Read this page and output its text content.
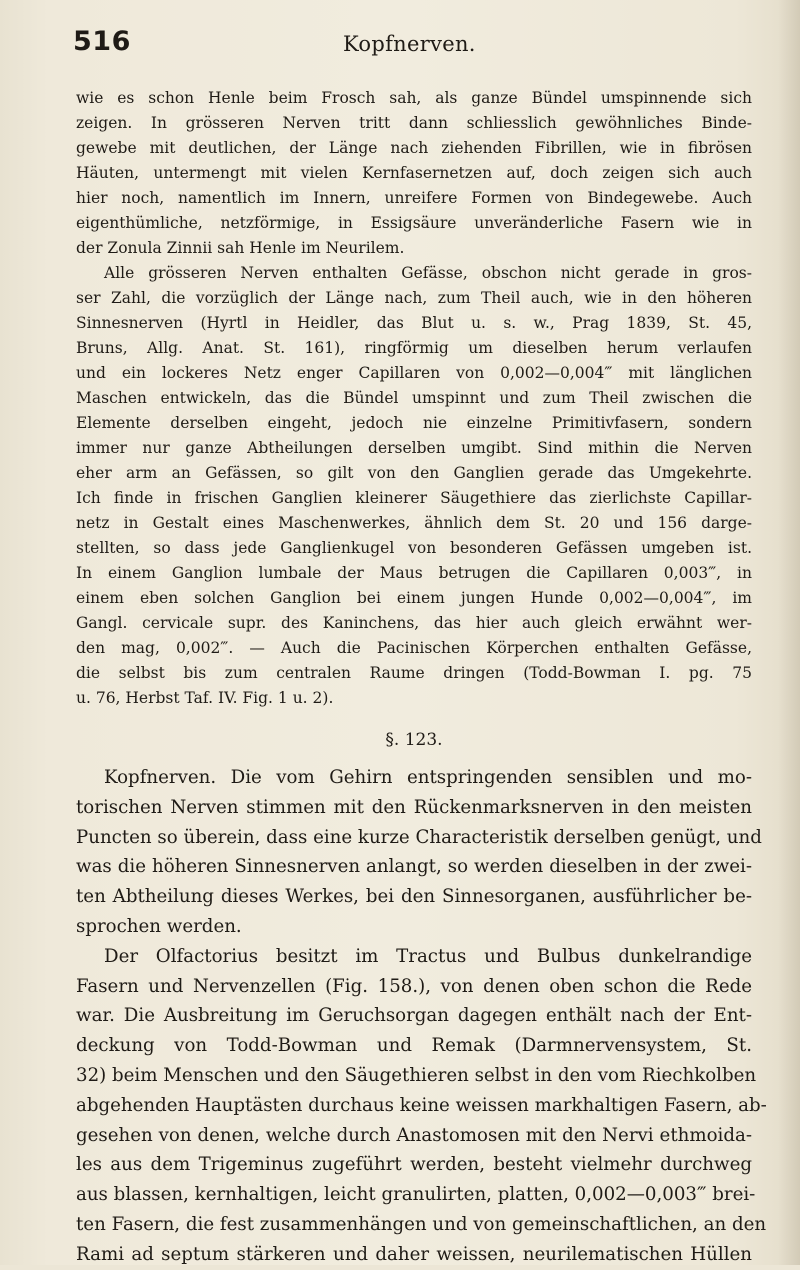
516	Kopfnerven.
wie es schon Henle beim Frosch sah, als ganze Bündel umspinnende sich
zeigen. In grösseren Nerven tritt dann schliesslich gewöhnliches Binde-
gewebe mit deutlichen, der Länge nach ziehenden Fibrillen, wie in fibrösen
Häuten, untermengt mit vielen Kernfasernetzen auf, doch zeigen sich auch
hier noch, namentlich im Innern, unreifere Formen von Bindegewebe. Auch
eigenthümliche, netzförmige, in Essigsäure unveränderliche Fasern wie in
der Zonula Zinnii sah Henle im Neurilem.
Alle grösseren Nerven enthalten Gefässe, obschon nicht gerade in gros-
ser Zahl, die vorzüglich der Länge nach, zum Theil auch, wie in den höheren
Sinnesnerven (Hyrtl in Heidler, das Blut u. s. w., Prag 1839, St. 45,
Bruns, Allg. Anat. St. 161), ringförmig um dieselben herum verlaufen
und ein lockeres Netz enger Capillaren von 0,002—0,004‴ mit länglichen
Maschen entwickeln, das die Bündel umspinnt und zum Theil zwischen die
Elemente derselben eingeht, jedoch nie einzelne Primitivfasern, sondern
immer nur ganze Abtheilungen derselben umgibt. Sind mithin die Nerven
eher arm an Gefässen, so gilt von den Ganglien gerade das Umgekehrte.
Ich finde in frischen Ganglien kleinerer Säugethiere das zierlichste Capillar-
netz in Gestalt eines Maschenwerkes, ähnlich dem St. 20 und 156 darge-
stellten, so dass jede Ganglienkugel von besonderen Gefässen umgeben ist.
In einem Ganglion lumbale der Maus betrugen die Capillaren 0,003‴, in
einem eben solchen Ganglion bei einem jungen Hunde 0,002—0,004‴, im
Gangl. cervicale supr. des Kaninchens, das hier auch gleich erwähnt wer-
den mag, 0,002‴. — Auch die Pacinischen Körperchen enthalten Gefässe,
die selbst bis zum centralen Raume dringen (Todd-Bowman I. pg. 75
u. 76, Herbst Taf. IV. Fig. 1 u. 2).
§. 123.
Kopfnerven. Die vom Gehirn entspringenden sensiblen und mo-
torischen Nerven stimmen mit den Rückenmarksnerven in den meisten
Puncten so überein, dass eine kurze Characteristik derselben genügt, und
was die höheren Sinnesnerven anlangt, so werden dieselben in der zwei-
ten Abtheilung dieses Werkes, bei den Sinnesorganen, ausführlicher be-
sprochen werden.
Der Olfactorius besitzt im Tractus und Bulbus dunkelrandige
Fasern und Nervenzellen (Fig. 158.), von denen oben schon die Rede
war. Die Ausbreitung im Geruchsorgan dagegen enthält nach der Ent-
deckung von Todd-Bowman und Remak (Darmnervensystem, St.
32) beim Menschen und den Säugethieren selbst in den vom Riechkolben
abgehenden Hauptästen durchaus keine weissen markhaltigen Fasern, ab-
gesehen von denen, welche durch Anastomosen mit den Nervi ethmoida-
les aus dem Trigeminus zugeführt werden, besteht vielmehr durchweg
aus blassen, kernhaltigen, leicht granulirten, platten, 0,002—0,003‴ brei-
ten Fasern, die fest zusammenhängen und von gemeinschaftlichen, an den
Rami ad septum stärkeren und daher weissen, neurilematischen Hüllen
